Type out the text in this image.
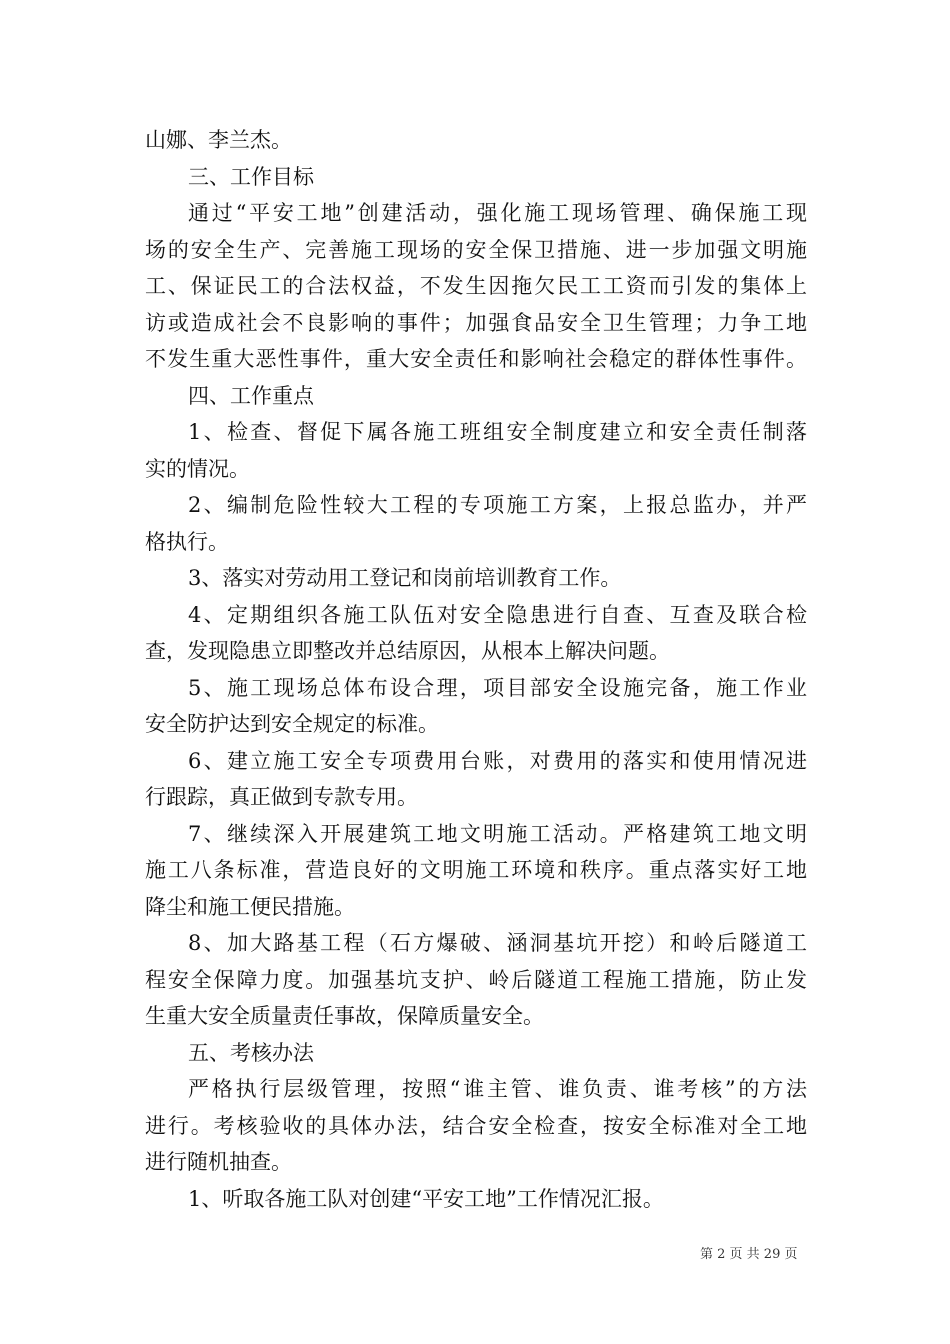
山娜、李兰杰。
三、工作目标
通过“平安工地”创建活动，强化施工现场管理、确保施工现
场的安全生产、完善施工现场的安全保卫措施、进一步加强文明施
工、保证民工的合法权益，不发生因拖欠民工工资而引发的集体上
访或造成社会不良影响的事件；加强食品安全卫生管理；力争工地
不发生重大恶性事件，重大安全责任和影响社会稳定的群体性事件。
四、工作重点
1、检查、督促下属各施工班组安全制度建立和安全责任制落
实的情况。
2、编制危险性较大工程的专项施工方案，上报总监办，并严
格执行。
3、落实对劳动用工登记和岗前培训教育工作。
4、定期组织各施工队伍对安全隐患进行自查、互查及联合检
查，发现隐患立即整改并总结原因，从根本上解决问题。
5、施工现场总体布设合理，项目部安全设施完备，施工作业
安全防护达到安全规定的标准。
6、建立施工安全专项费用台账，对费用的落实和使用情况进
行跟踪，真正做到专款专用。
7、继续深入开展建筑工地文明施工活动。严格建筑工地文明
施工八条标准，营造良好的文明施工环境和秩序。重点落实好工地
降尘和施工便民措施。
8、加大路基工程（石方爆破、涵洞基坑开挖）和岭后隧道工
程安全保障力度。加强基坑支护、岭后隧道工程施工措施，防止发
生重大安全质量责任事故，保障质量安全。
五、考核办法
严格执行层级管理，按照“谁主管、谁负责、谁考核”的方法
进行。考核验收的具体办法，结合安全检查，按安全标准对全工地
进行随机抽查。
1、听取各施工队对创建“平安工地”工作情况汇报。
第 2 页 共 29 页
